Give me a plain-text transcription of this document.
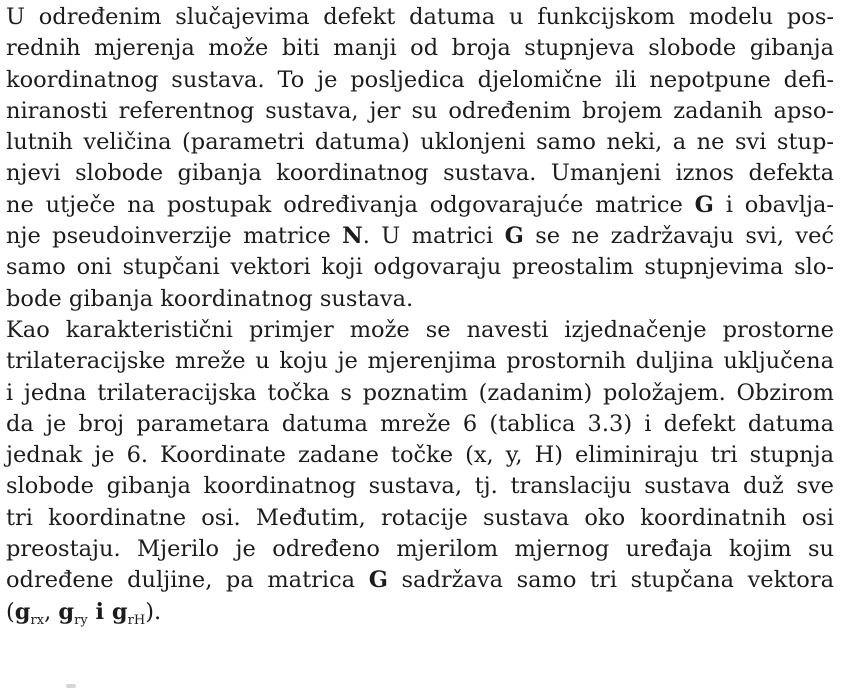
U određenim slučajevima defekt datuma u funkcijskom modelu pos-
rednih mjerenja može biti manji od broja stupnjeva slobode gibanja
koordinatnog sustava. To je posljedica djelomične ili nepotpune defi-
niranosti referentnog sustava, jer su određenim brojem zadanih apso-
lutnih veličina (parametri datuma) uklonjeni samo neki, a ne svi stup-
njevi slobode gibanja koordinatnog sustava. Umanjeni iznos defekta
ne utječe na postupak određivanja odgovarajuće matrice G i obavlja-
nje pseudoinverzije matrice N. U matrici G se ne zadržavaju svi, već
samo oni stupčani vektori koji odgovaraju preostalim stupnjevima slo-
bode gibanja koordinatnog sustava.
Kao karakteristični primjer može se navesti izjednačenje prostorne
trilateracijske mreže u koju je mjerenjima prostornih duljina uključena
i jedna trilateracijska točka s poznatim (zadanim) položajem. Obzirom
da je broj parametara datuma mreže 6 (tablica 3.3) i defekt datuma
jednak je 6. Koordinate zadane točke (x, y, H) eliminiraju tri stupnja
slobode gibanja koordinatnog sustava, tj. translaciju sustava duž sve
tri koordinatne osi. Međutim, rotacije sustava oko koordinatnih osi
preostaju. Mjerilo je određeno mjerilom mjernog uređaja kojim su
određene duljine, pa matrica G sadržava samo tri stupčana vektora
($g_{rx}$, $g_{ry}$ i $g_{rH}$).
